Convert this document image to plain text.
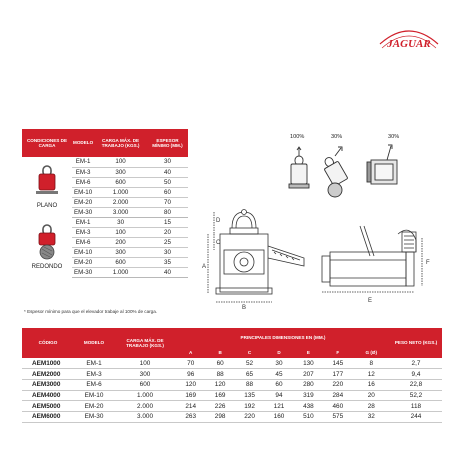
JAGUAR
CONDICIONES DE CARGA	MODELO	CARGA MÁX. DE TRABAJO (KGS.)	ESPESOR MÍNIMO (MM.)

PLANO	EM-1	100	30
	EM-3	300	40
	EM-6	600	50
	EM-10	1.000	60
	EM-20	2.000	70
	EM-30	3.000	80

REDONDO	EM-1	30	15
	EM-3	100	20
	EM-6	200	25
	EM-10	300	30
	EM-20	600	35
	EM-30	1.000	40
* Espesor mínimo para que el elevador trabaje al 100% de carga.
100%	30%	30%
A
D
C
B
E
F
CÓDIGO	MODELO	CARGA MÁX. DE TRABAJO (KGS.)	PRINCIPALES DIMENSIONES EN (MM.)							PESO NETO (KGS.)
			A	B	C	D	E	F	G (Ø)	
AEM1000	EM-1	100	70	60	52	30	130	145	8	2,7
AEM2000	EM-3	300	96	88	65	45	207	177	12	9,4
AEM3000	EM-6	600	120	120	88	60	280	220	16	22,8
AEM4000	EM-10	1.000	169	169	135	94	319	284	20	52,2
AEM5000	EM-20	2.000	214	226	192	121	438	460	28	118
AEM6000	EM-30	3.000	263	298	220	160	510	575	32	244
